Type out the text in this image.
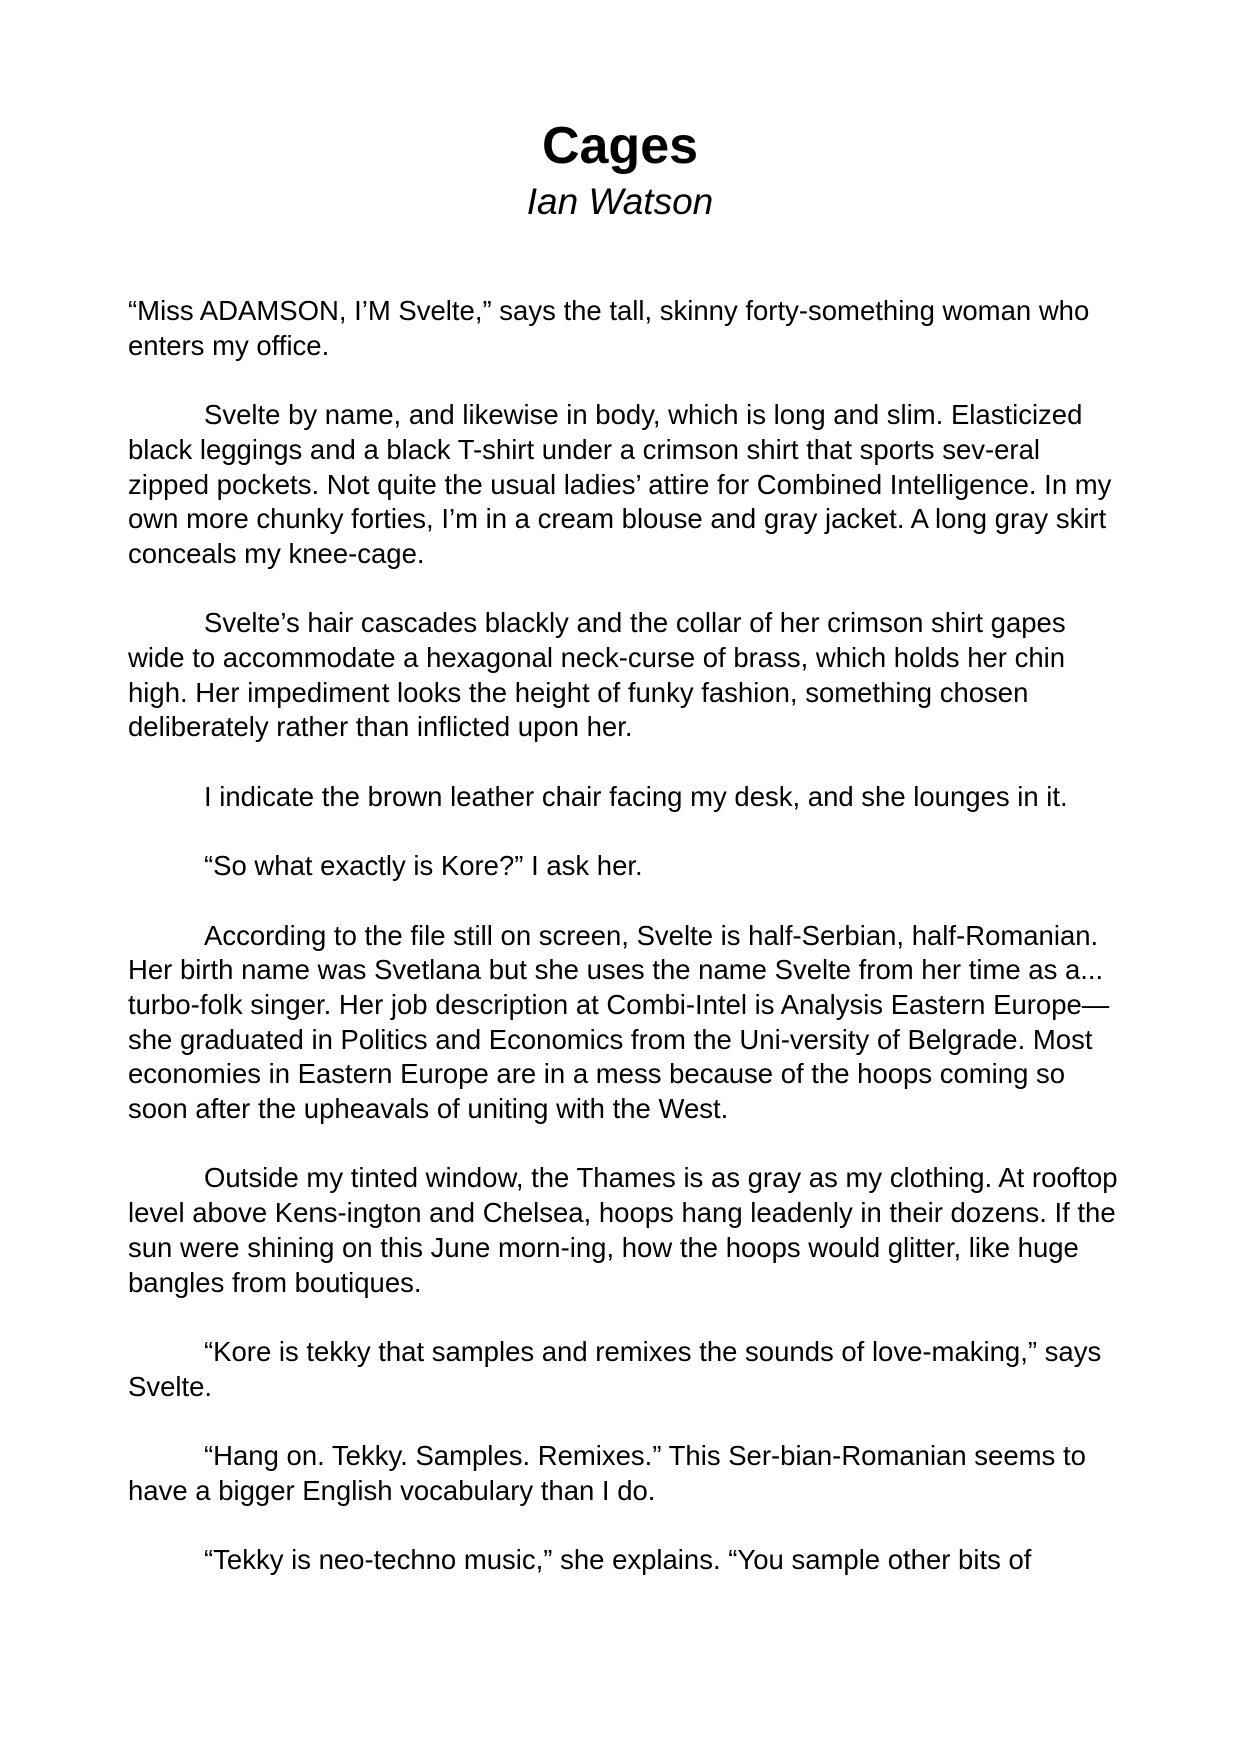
Cages
Ian Watson

“Miss ADAMSON, I’M Svelte,” says the tall, skinny forty-something woman who enters my office.

Svelte by name, and likewise in body, which is long and slim. Elasticized black leggings and a black T-shirt under a crimson shirt that sports sev-eral zipped pockets. Not quite the usual ladies’ attire for Combined Intelligence. In my own more chunky forties, I’m in a cream blouse and gray jacket. A long gray skirt conceals my knee-cage.

Svelte’s hair cascades blackly and the collar of her crimson shirt gapes wide to accommodate a hexagonal neck-curse of brass, which holds her chin high. Her impediment looks the height of funky fashion, something chosen deliberately rather than inflicted upon her.

I indicate the brown leather chair facing my desk, and she lounges in it.

“So what exactly is Kore?” I ask her.

According to the file still on screen, Svelte is half-Serbian, half-Romanian. Her birth name was Svetlana but she uses the name Svelte from her time as a... turbo-folk singer. Her job description at Combi-Intel is Analysis Eastern Europe—she graduated in Politics and Economics from the Uni-versity of Belgrade. Most economies in Eastern Europe are in a mess because of the hoops coming so soon after the upheavals of uniting with the West.

Outside my tinted window, the Thames is as gray as my clothing. At rooftop level above Kens-ington and Chelsea, hoops hang leadenly in their dozens. If the sun were shining on this June morn-ing, how the hoops would glitter, like huge bangles from boutiques.

“Kore is tekky that samples and remixes the sounds of love-making,” says Svelte.

“Hang on. Tekky. Samples. Remixes.” This Ser-bian-Romanian seems to have a bigger English vocabulary than I do.

“Tekky is neo-techno music,” she explains. “You sample other bits of
